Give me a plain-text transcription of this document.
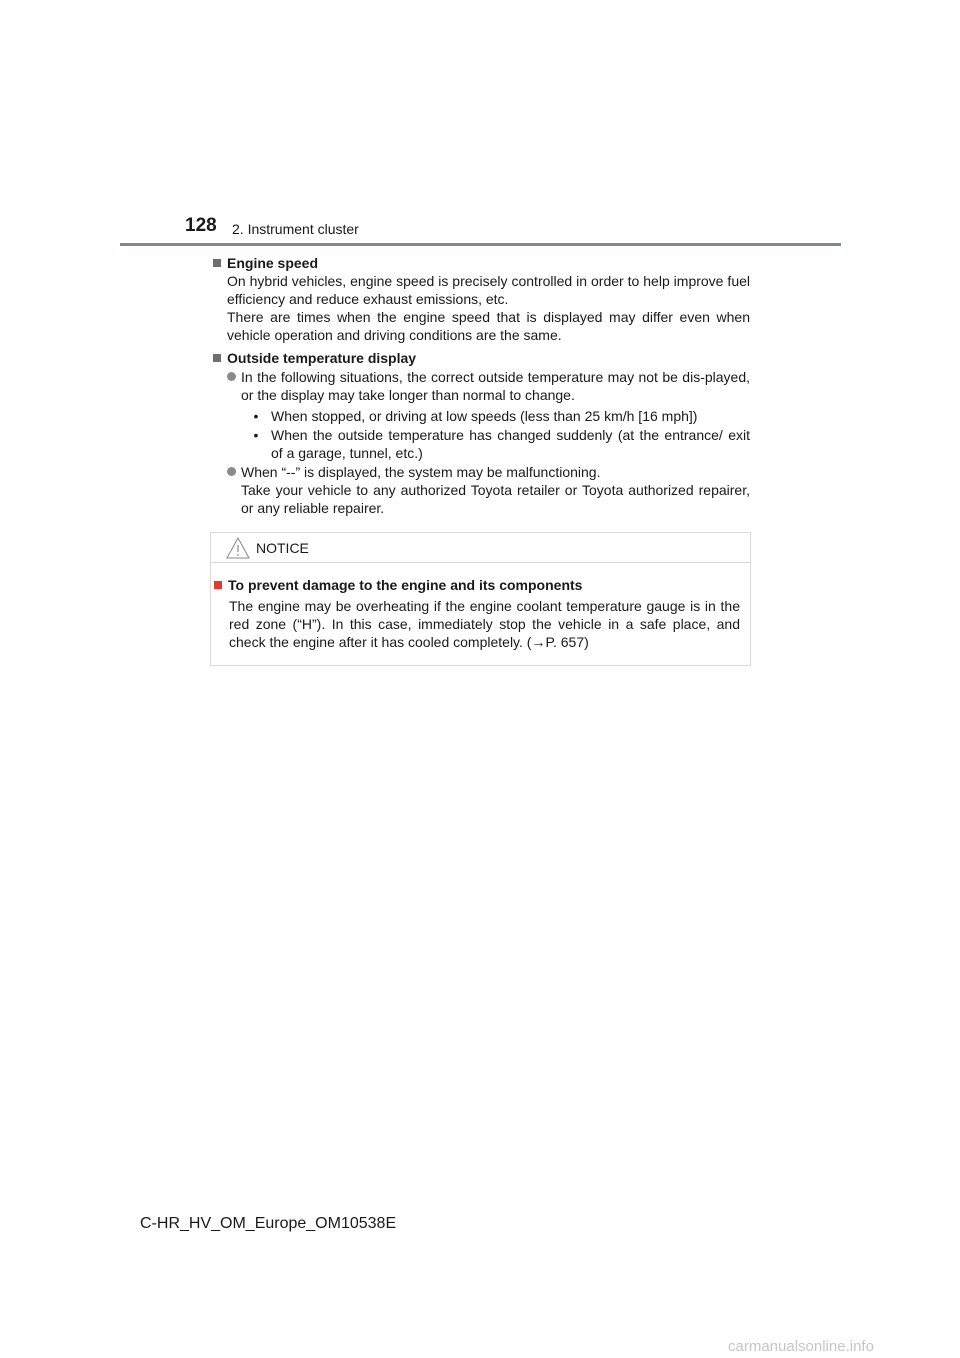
128 2. Instrument cluster
Engine speed
On hybrid vehicles, engine speed is precisely controlled in order to help improve fuel efficiency and reduce exhaust emissions, etc.
There are times when the engine speed that is displayed may differ even when vehicle operation and driving conditions are the same.
Outside temperature display
In the following situations, the correct outside temperature may not be dis-played, or the display may take longer than normal to change.
• When stopped, or driving at low speeds (less than 25 km/h [16 mph])
• When the outside temperature has changed suddenly (at the entrance/ exit of a garage, tunnel, etc.)
When “--” is displayed, the system may be malfunctioning.
Take your vehicle to any authorized Toyota retailer or Toyota authorized repairer, or any reliable repairer.
NOTICE
To prevent damage to the engine and its components
The engine may be overheating if the engine coolant temperature gauge is in the red zone (“H”). In this case, immediately stop the vehicle in a safe place, and check the engine after it has cooled completely. (→P. 657)
C-HR_HV_OM_Europe_OM10538E
carmanualsonline.info
